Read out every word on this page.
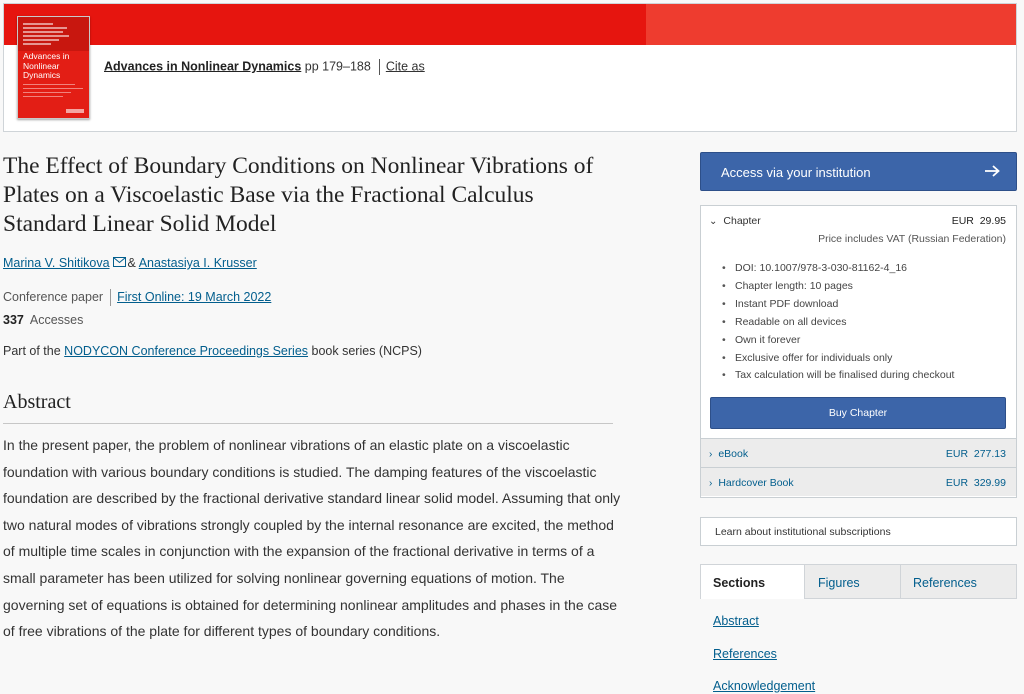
Advances in
Nonlinear
Dynamics
Advances in Nonlinear Dynamics pp 179–188 Cite as
The Effect of Boundary Conditions on Nonlinear Vibrations of Plates on a Viscoelastic Base via the Fractional Calculus Standard Linear Solid Model
Marina V. Shitikova & Anastasiya I. Krusser
Conference paper First Online: 19 March 2022
337 Accesses
Part of the NODYCON Conference Proceedings Series book series (NCPS)
Abstract

In the present paper, the problem of nonlinear vibrations of an elastic plate on a viscoelastic foundation with various boundary conditions is studied. The damping features of the viscoelastic foundation are described by the fractional derivative standard linear solid model. Assuming that only two natural modes of vibrations strongly coupled by the internal resonance are excited, the method of multiple time scales in conjunction with the expansion of the fractional derivative in terms of a small parameter has been utilized for solving nonlinear governing equations of motion. The governing set of equations is obtained for determining nonlinear amplitudes and phases in the case of free vibrations of the plate for different types of boundary conditions.

Access via your institution
⌄ Chapter	EUR 29.95
Price includes VAT (Russian Federation)
• DOI: 10.1007/978-3-030-81162-4_16
• Chapter length: 10 pages
• Instant PDF download
• Readable on all devices
• Own it forever
• Exclusive offer for individuals only
• Tax calculation will be finalised during checkout
Buy Chapter
› eBook	EUR 277.13
› Hardcover Book	EUR 329.99
Learn about institutional subscriptions
Sections	Figures	References
Abstract
References
Acknowledgement
